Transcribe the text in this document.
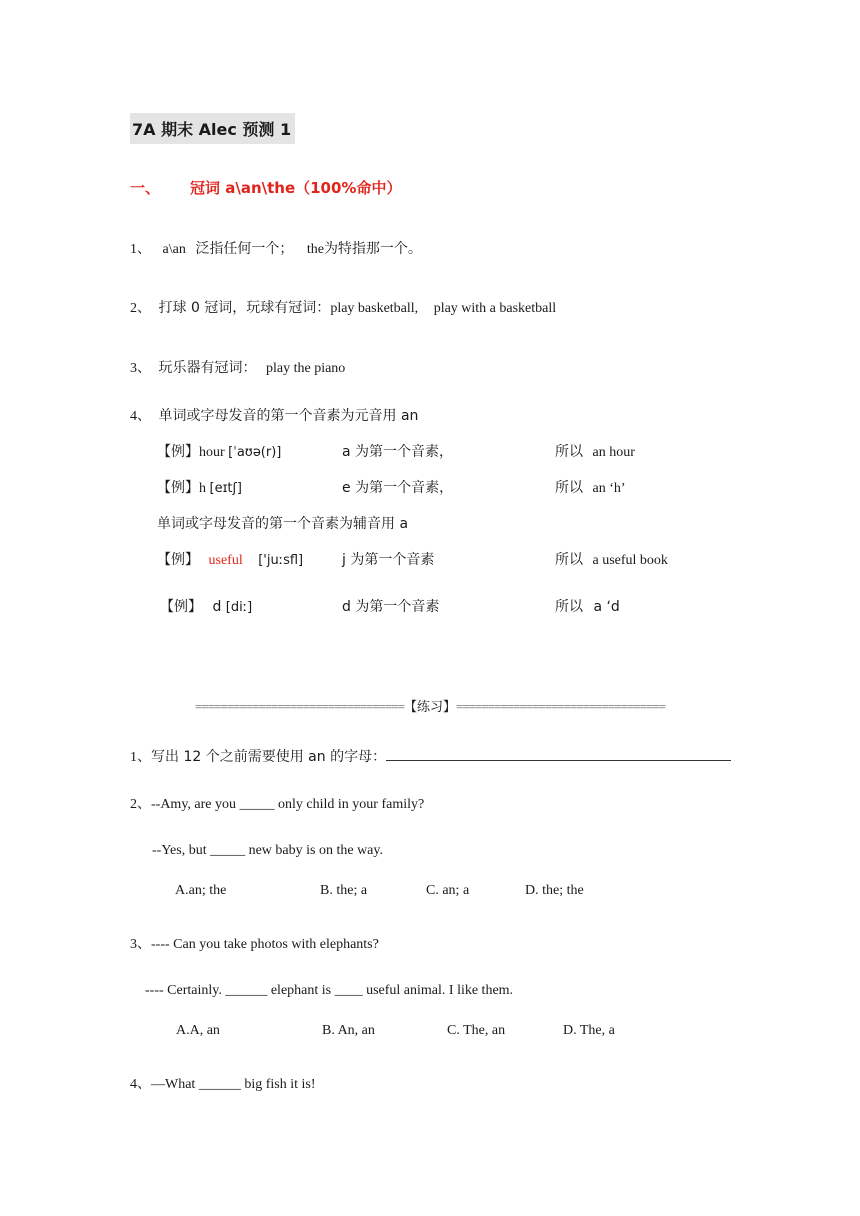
7A 期末 Alec 预测 1
一、 冠词 a\an\the（100%命中）
1、 a\an 泛指任何一个； the为特指那一个。
2、 打球 0 冠词，玩球有冠词：play basketball, play with a basketball
3、 玩乐器有冠词： play the piano
4、 单词或字母发音的第一个音素为元音用 an
【例】hour [ˈaʊə(r)]	a 为第一个音素，	所以 an hour
【例】h [eɪtʃ]	e 为第一个音素，	所以 an ‘h’
单词或字母发音的第一个音素为辅音用 a
【例】 useful ['juːsfl]	j 为第一个音素	所以 a useful book
【例】 d [diː]	d 为第一个音素	所以 a ‘d
=================================【练习】=================================
1、写出 12 个之前需要使用 an 的字母：
2、--Amy, are you _____ only child in your family?
--Yes, but _____ new baby is on the way.
A.an; the	B. the; a	C. an; a	D. the; the
3、---- Can you take photos with elephants?
---- Certainly. ______ elephant is ____ useful animal. I like them.
A.A, an	B. An, an	C. The, an	D. The, a
4、—What ______ big fish it is!
